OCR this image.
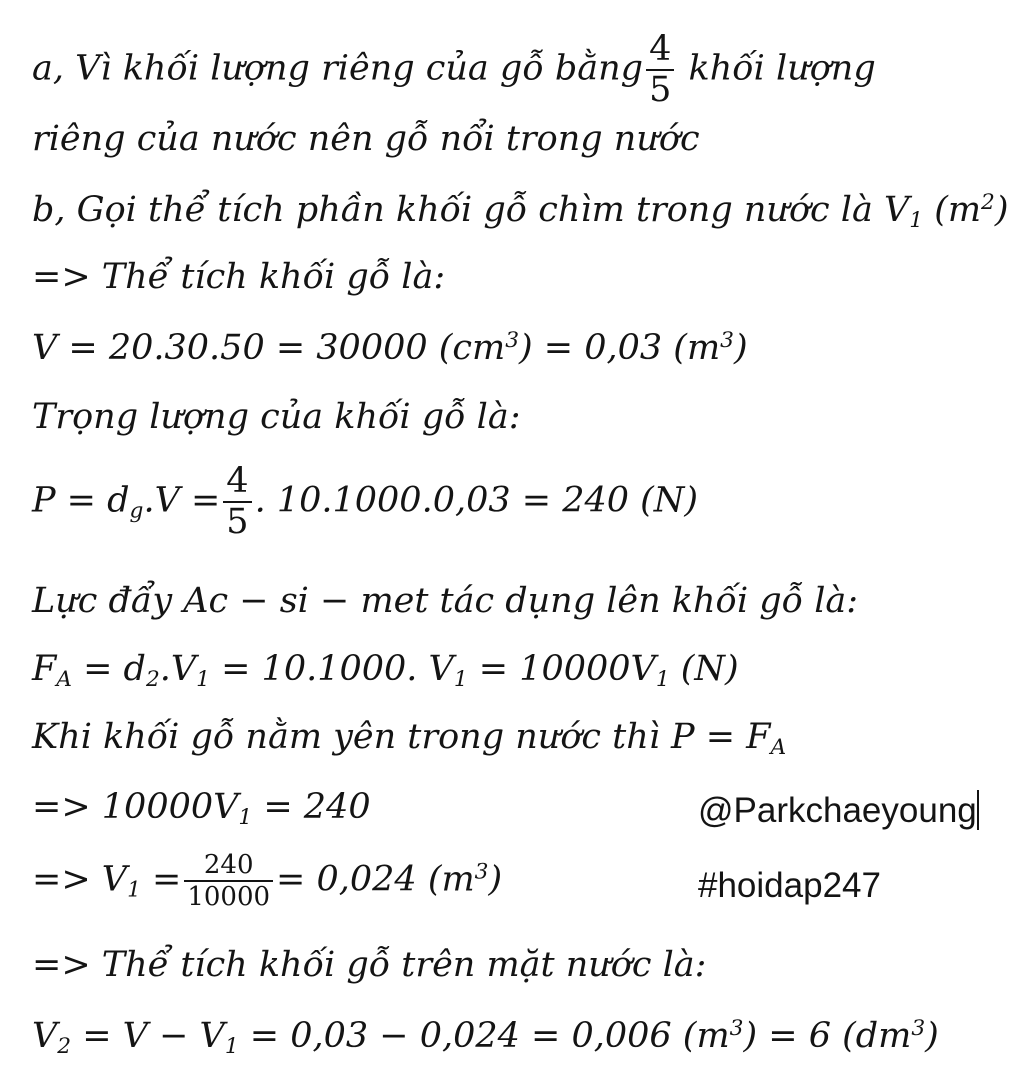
a, Vì khối lượng riêng của gỗ bằng $\frac{4}{5}$ khối lượng
riêng của nước nên gỗ nổi trong nước
b, Gọi thể tích phần khối gỗ chìm trong nước là $V_1$ $(m^2)$
=> Thể tích khối gỗ là:
V = 20.30.50 = 30000 $(cm^3) = 0,03$ $(m^3)$
Trọng lượng của khối gỗ là:
$P = d_g.V = \frac{4}{5}$ . 10.1000.0,03 = 240 (N)
Lực đẩy Ac − si − met tác dụng lên khối gỗ là:
$F_A = d_2.V_1 = 10.1000$. $V_1 = 10000V_1$ (N)
Khi khối gỗ nằm yên trong nước thì $P = F_A$
=> $10000V_1 = 240$	@Parkchaeyoung
=> $V_1 = \frac{240}{10000} = 0,024$ $(m^3)$	#hoidap247
=> Thể tích khối gỗ trên mặt nước là:
$V_2 = V - V_1 = 0,03 - 0,024 = 0,006$ $(m^3) = 6$ $(dm^3)$
